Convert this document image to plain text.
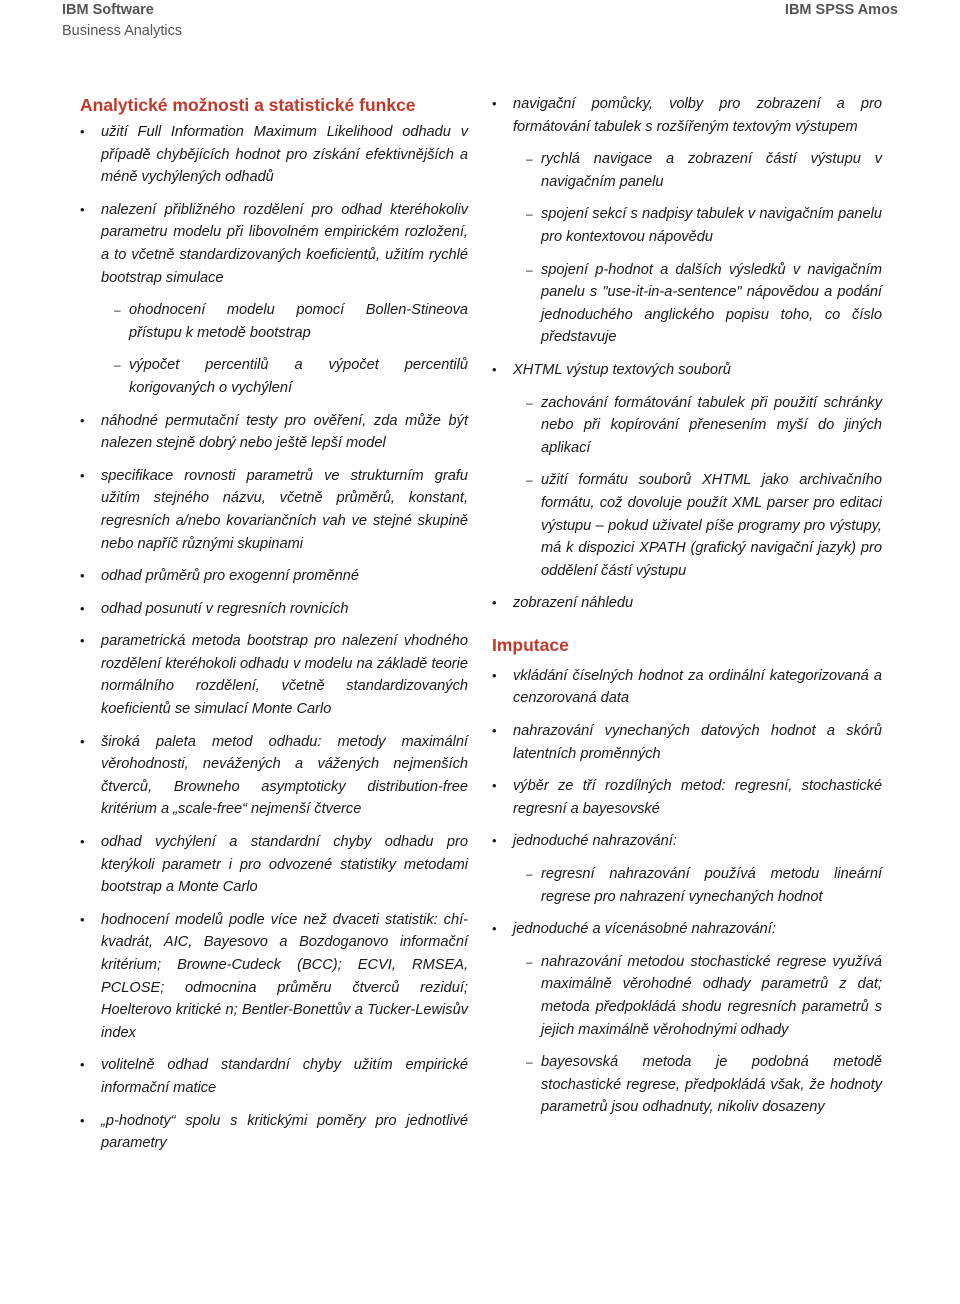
IBM Software
Business Analytics
IBM SPSS Amos
Analytické možnosti a statistické funkce
• užití Full Information Maximum Likelihood odhadu v případě chybějících hodnot pro získání efektivnějších a méně vychýlených odhadů
• nalezení přibližného rozdělení pro odhad kteréhokoliv parametru modelu při libovolném empirickém rozložení, a to včetně standardizovaných koeficientů, užitím rychlé bootstrap simulace
– ohodnocení modelu pomocí Bollen-Stineova přístupu k metodě bootstrap
– výpočet percentilů a výpočet percentilů korigovaných o vychýlení
• náhodné permutační testy pro ověření, zda může být nalezen stejně dobrý nebo ještě lepší model
• specifikace rovnosti parametrů ve strukturním grafu užitím stejného názvu, včetně průměrů, konstant, regresních a/nebo kovariančních vah ve stejné skupině nebo napříč různými skupinami
• odhad průměrů pro exogenní proměnné
• odhad posunutí v regresních rovnicích
• parametrická metoda bootstrap pro nalezení vhodného rozdělení kteréhokoli odhadu v modelu na základě teorie normálního rozdělení, včetně standardizovaných koeficientů se simulací Monte Carlo
• široká paleta metod odhadu: metody maximální věrohodnosti, nevážených a vážených nejmenších čtverců, Browneho asymptoticky distribution-free kritérium a „scale-free“ nejmenší čtverce
• odhad vychýlení a standardní chyby odhadu pro kterýkoli parametr i pro odvozené statistiky metodami bootstrap a Monte Carlo
• hodnocení modelů podle více než dvaceti statistik: chí-kvadrát, AIC, Bayesovo a Bozdoganovo informační kritérium; Browne-Cudeck (BCC); ECVI, RMSEA, PCLOSE; odmocnina průměru čtverců reziduí; Hoelterovo kritické n; Bentler-Bonettův a Tucker-Lewisův index
• volitelně odhad standardní chyby užitím empirické informační matice
• „p-hodnoty“ spolu s kritickými poměry pro jednotlivé parametry
• navigační pomůcky, volby pro zobrazení a pro formátování tabulek s rozšířeným textovým výstupem
– rychlá navigace a zobrazení částí výstupu v navigačním panelu
– spojení sekcí s nadpisy tabulek v navigačním panelu pro kontextovou nápovědu
– spojení p-hodnot a dalších výsledků v navigačním panelu s "use-it-in-a-sentence" nápovědou a podání jednoduchého anglického popisu toho, co číslo představuje
• XHTML výstup textových souborů
– zachování formátování tabulek při použití schránky nebo při kopírování přenesením myší do jiných aplikací
– užití formátu souborů XHTML jako archivačního formátu, což dovoluje použít XML parser pro editaci výstupu – pokud uživatel píše programy pro výstupy, má k dispozici XPATH (grafický navigační jazyk) pro oddělení částí výstupu
• zobrazení náhledu
Imputace
• vkládání číselných hodnot za ordinální kategorizovaná a cenzorovaná data
• nahrazování vynechaných datových hodnot a skórů latentních proměnných
• výběr ze tří rozdílných metod: regresní, stochastické regresní a bayesovské
• jednoduché nahrazování:
– regresní nahrazování používá metodu lineární regrese pro nahrazení vynechaných hodnot
• jednoduché a vícenásobné nahrazování:
– nahrazování metodou stochastické regrese využívá maximálně věrohodné odhady parametrů z dat; metoda předpokládá shodu regresních parametrů s jejich maximálně věrohodnými odhady
– bayesovská metoda je podobná metodě stochastické regrese, předpokládá však, že hodnoty parametrů jsou odhadnuty, nikoliv dosazeny
